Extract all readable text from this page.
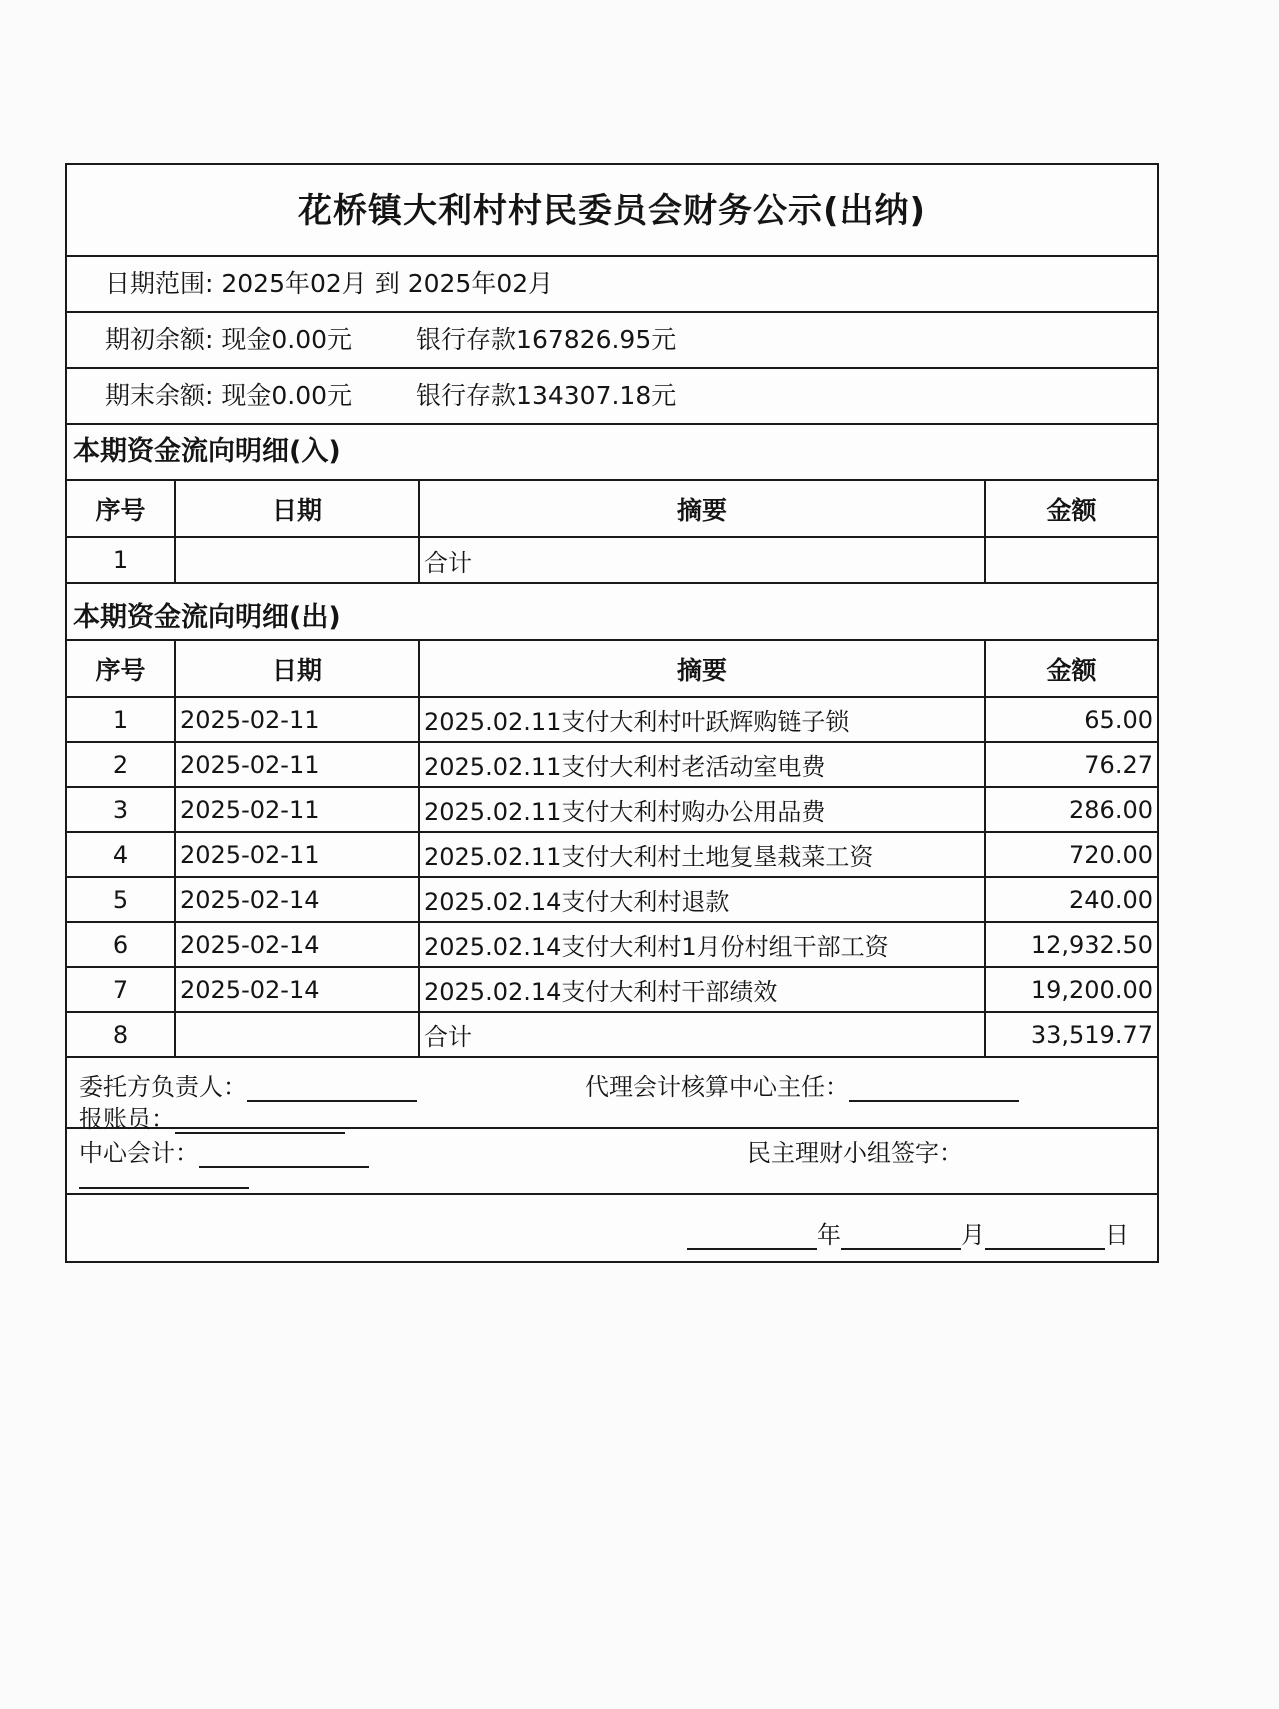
花桥镇大利村村民委员会财务公示(出纳)
日期范围: 2025年02月 到 2025年02月
期初余额: 现金0.00元	银行存款167826.95元
期末余额: 现金0.00元	银行存款134307.18元
本期资金流向明细(入)
序号	日期	摘要	金额
1		合计	
本期资金流向明细(出)
序号	日期	摘要	金额
1	2025-02-11	2025.02.11支付大利村叶跃辉购链子锁	65.00
2	2025-02-11	2025.02.11支付大利村老活动室电费	76.27
3	2025-02-11	2025.02.11支付大利村购办公用品费	286.00
4	2025-02-11	2025.02.11支付大利村土地复垦栽菜工资	720.00
5	2025-02-14	2025.02.14支付大利村退款	240.00
6	2025-02-14	2025.02.14支付大利村1月份村组干部工资	12,932.50
7	2025-02-14	2025.02.14支付大利村干部绩效	19,200.00
8		合计	33,519.77
委托方负责人：	代理会计核算中心主任：
报账员：
中心会计：	民主理财小组签字：
年	月	日
